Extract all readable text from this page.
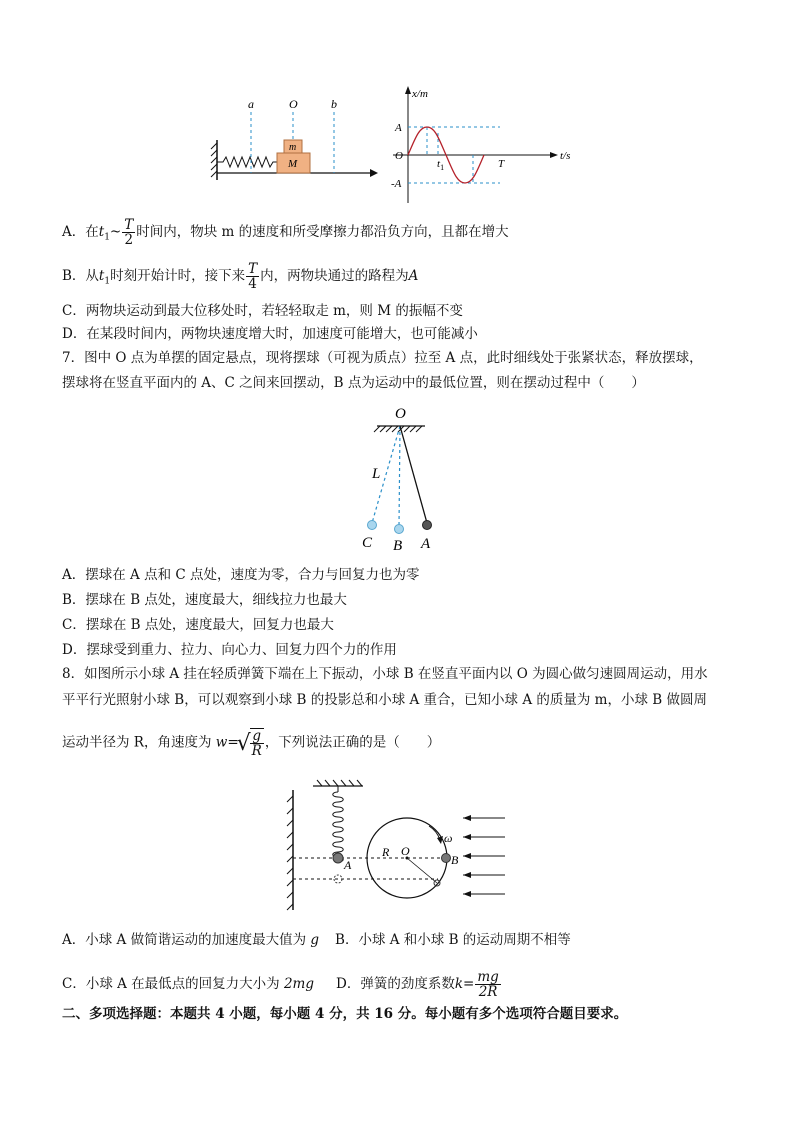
a	O	b
m
M
x/m
t/s
A
O
-A
$t_1$	T
A．在$t_1\sim \frac{T}{2}$ 时间内，物块 m 的速度和所受摩擦力都沿负方向，且都在增大
B．从$t_1$时刻开始计时，接下来 $\frac{T}{4}$ 内，两物块通过的路程为A
C．两物块运动到最大位移处时，若轻轻取走 m，则 M 的振幅不变
D．在某段时间内，两物块速度增大时，加速度可能增大，也可能减小
7．图中 O 点为单摆的固定悬点，现将摆球（可视为质点）拉至 A 点，此时细线处于张紧状态，释放摆球，
摆球将在竖直平面内的 A、C 之间来回摆动，B 点为运动中的最低位置，则在摆动过程中（　　）
O
L
C B A
A．摆球在 A 点和 C 点处，速度为零，合力与回复力也为零
B．摆球在 B 点处，速度最大，细线拉力也最大
C．摆球在 B 点处，速度最大，回复力也最大
D．摆球受到重力、拉力、向心力、回复力四个力的作用
8．如图所示小球 A 挂在轻质弹簧下端在上下振动，小球 B 在竖直平面内以 O 为圆心做匀速圆周运动，用水
平平行光照射小球 B，可以观察到小球 B 的投影总和小球 A 重合，已知小球 A 的质量为 m，小球 B 做圆周
运动半径为 R，角速度为 w=
√ $\frac{g}{R}$ ，下列说法正确的是（　　）
A
R O
B
ω
A．小球 A 做简谐运动的加速度最大值为 g B．小球 A 和小球 B 的运动周期不相等
C．小球 A 在最低点的回复力大小为 2mg D．弹簧的劲度系数$k= \frac{mg}{2R}$
二、多项选择题：本题共 4 小题，每小题 4 分，共 16 分。每小题有多个选项符合题目要求。
